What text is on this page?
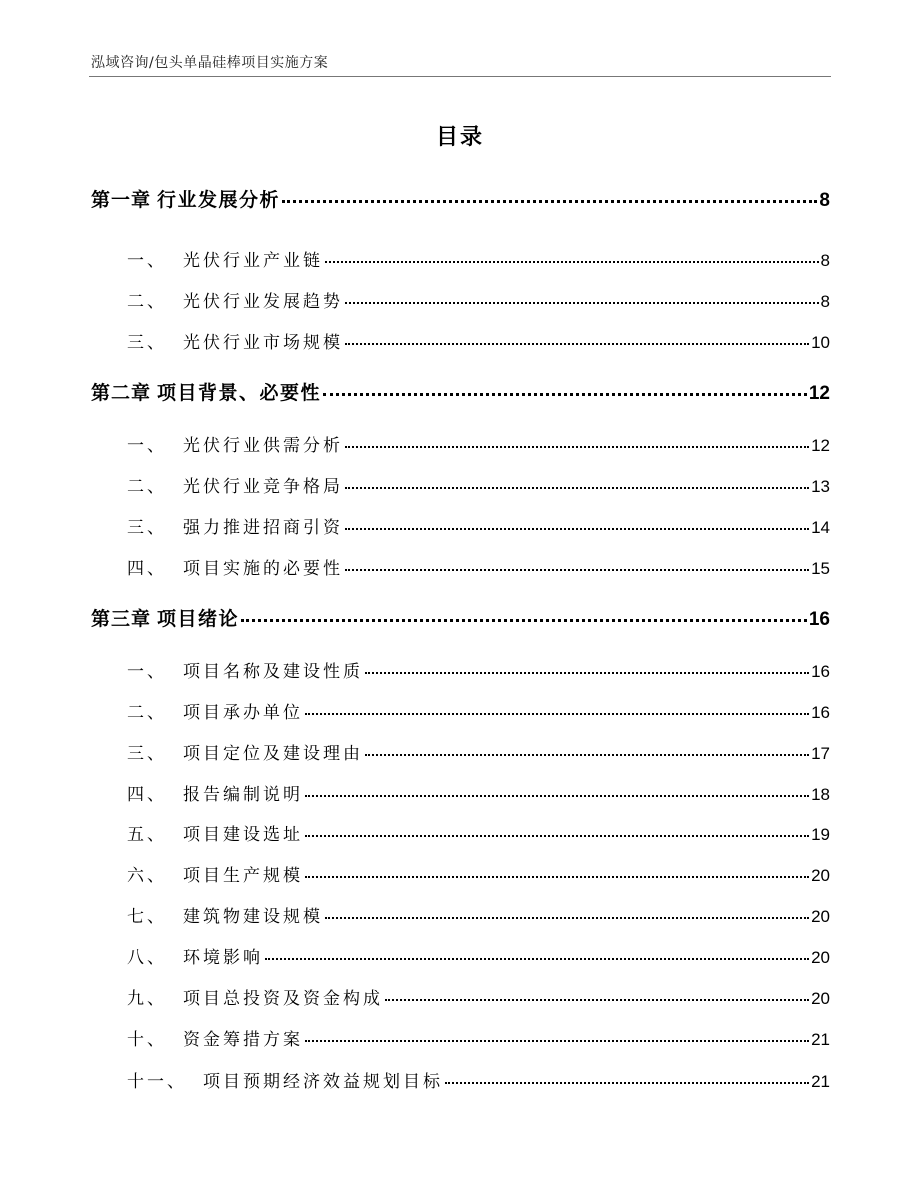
泓域咨询/包头单晶硅棒项目实施方案
目录
第一章 行业发展分析	8
一、 光伏行业产业链	8
二、 光伏行业发展趋势	8
三、 光伏行业市场规模	10
第二章 项目背景、必要性	12
一、 光伏行业供需分析	12
二、 光伏行业竞争格局	13
三、 强力推进招商引资	14
四、 项目实施的必要性	15
第三章 项目绪论	16
一、 项目名称及建设性质	16
二、 项目承办单位	16
三、 项目定位及建设理由	17
四、 报告编制说明	18
五、 项目建设选址	19
六、 项目生产规模	20
七、 建筑物建设规模	20
八、 环境影响	20
九、 项目总投资及资金构成	20
十、 资金筹措方案	21
十一、 项目预期经济效益规划目标	21
